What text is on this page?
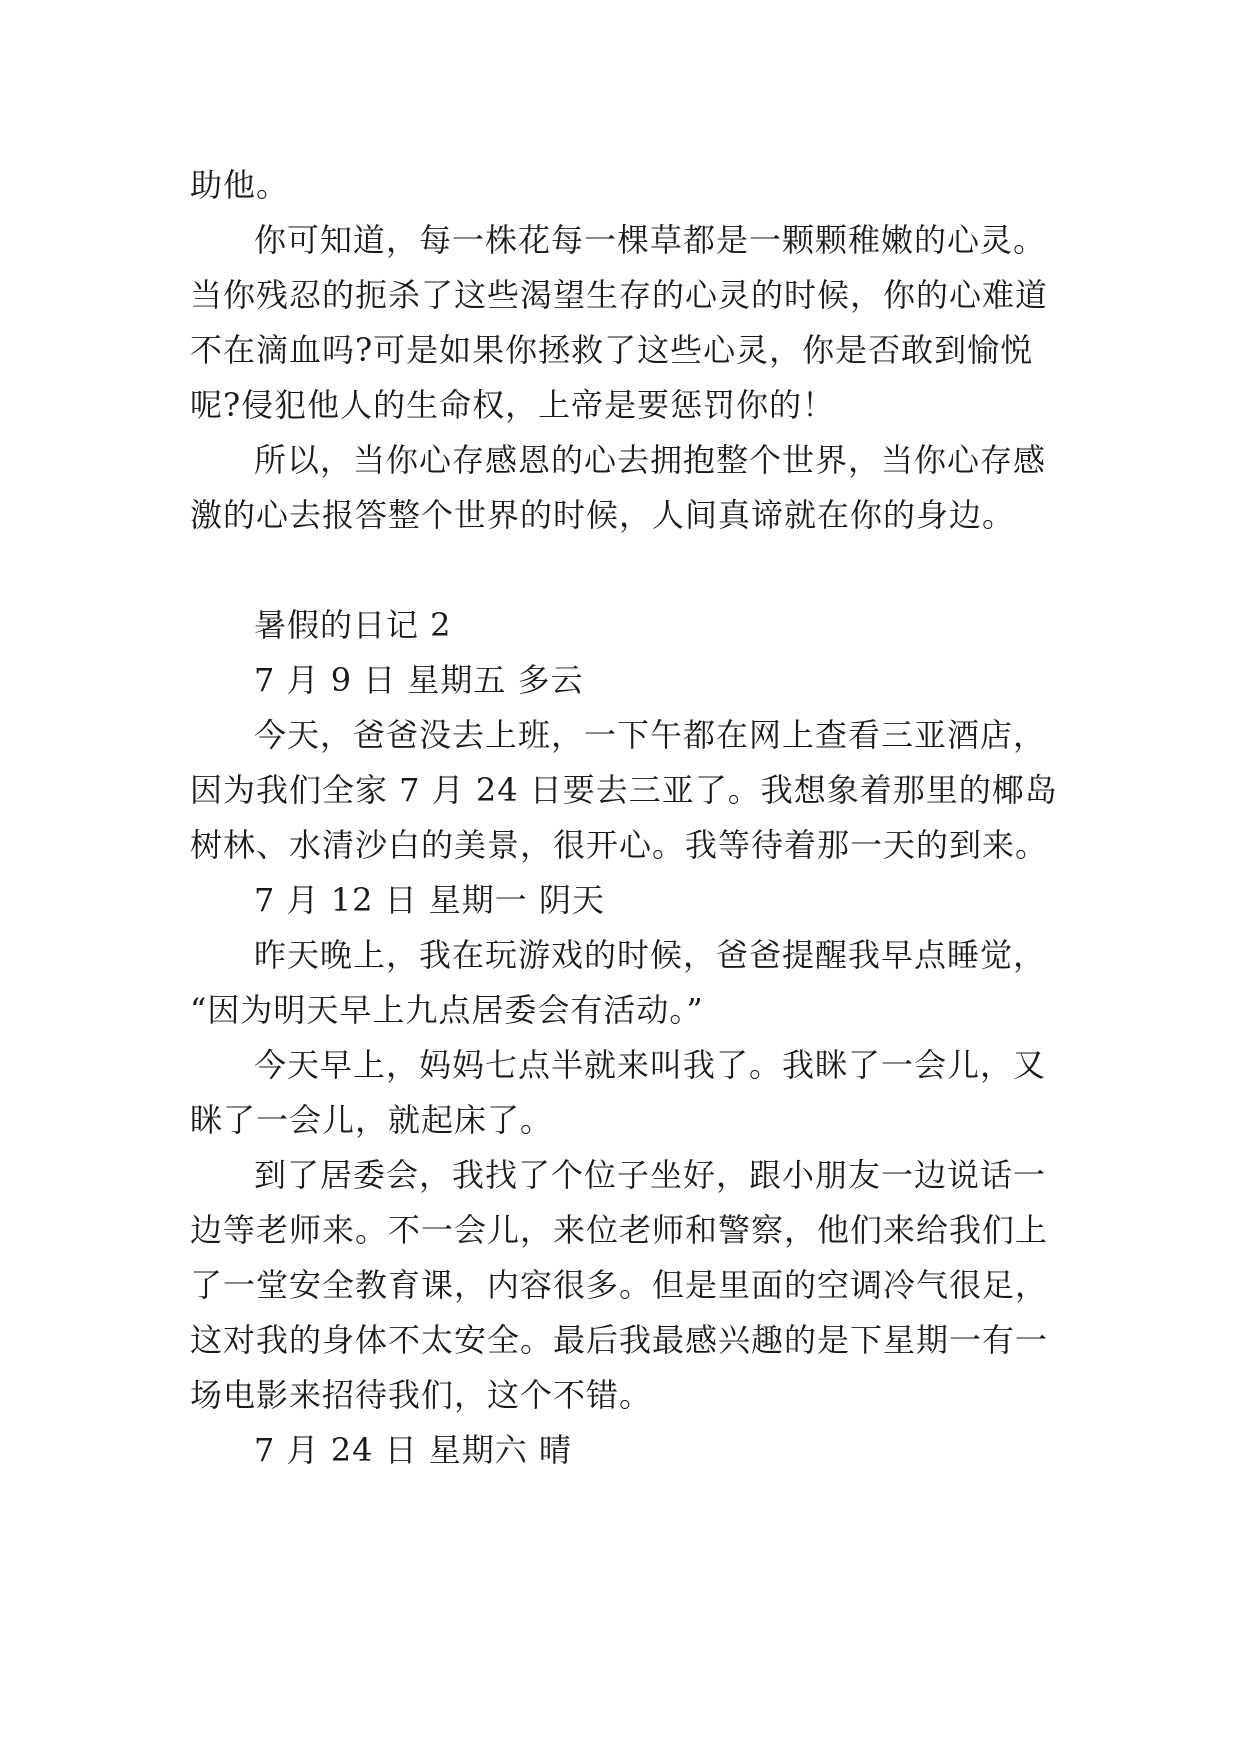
助他。

你可知道，每一株花每一棵草都是一颗颗稚嫩的心灵。

当你残忍的扼杀了这些渴望生存的心灵的时候，你的心难道

不在滴血吗?可是如果你拯救了这些心灵，你是否敢到愉悦

呢?侵犯他人的生命权，上帝是要惩罚你的！

所以，当你心存感恩的心去拥抱整个世界，当你心存感

激的心去报答整个世界的时候，人间真谛就在你的身边。

暑假的日记 2

7 月 9 日 星期五 多云

今天，爸爸没去上班，一下午都在网上查看三亚酒店，

因为我们全家 7 月 24 日要去三亚了。我想象着那里的椰岛

树林、水清沙白的美景，很开心。我等待着那一天的到来。

7 月 12 日 星期一 阴天

昨天晚上，我在玩游戏的时候，爸爸提醒我早点睡觉，

“因为明天早上九点居委会有活动。”

今天早上，妈妈七点半就来叫我了。我眯了一会儿，又

眯了一会儿，就起床了。

到了居委会，我找了个位子坐好，跟小朋友一边说话一

边等老师来。不一会儿，来位老师和警察，他们来给我们上

了一堂安全教育课，内容很多。但是里面的空调冷气很足，

这对我的身体不太安全。最后我最感兴趣的是下星期一有一

场电影来招待我们，这个不错。

7 月 24 日 星期六 晴
